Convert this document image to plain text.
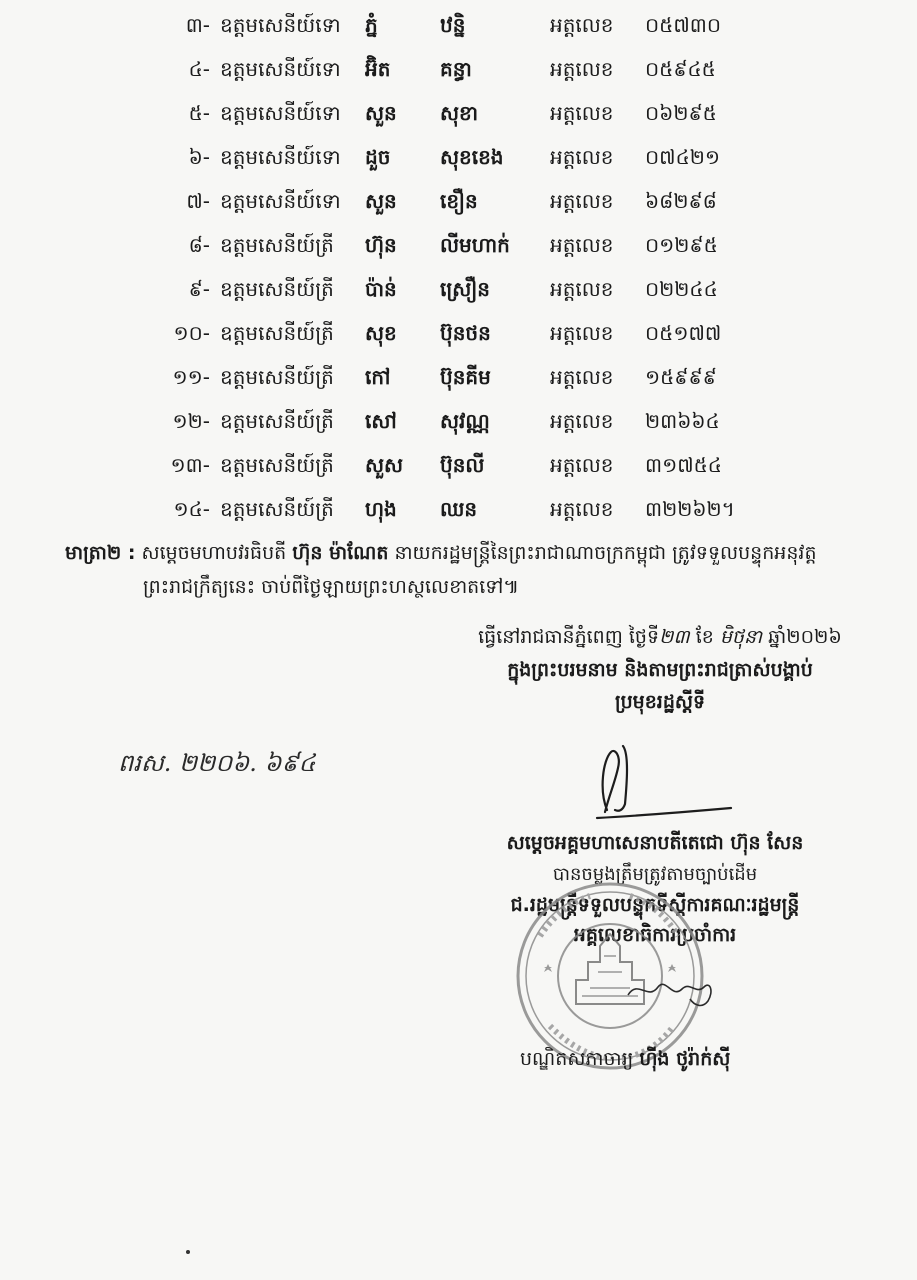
៣- ឧត្តមសេនីយ៍ទោ ភ្នំ	ឋន្និ	អត្តលេខ ០៥៧៣០
៤- ឧត្តមសេនីយ៍ទោ អ៊ិត គន្ធា	អត្តលេខ ០៥៩៤៥
៥- ឧត្តមសេនីយ៍ទោ សួន សុខា	អត្តលេខ ០៦២៩៥
៦- ឧត្តមសេនីយ៍ទោ ដួច សុខខេង អត្តលេខ ០៧៤២១
៧- ឧត្តមសេនីយ៍ទោ សួន ខឿន	អត្តលេខ ៦៨២៩៨
៨- ឧត្តមសេនីយ៍ត្រី ហ៊ុន លីមហាក់ អត្តលេខ ០១២៩៥
៩- ឧត្តមសេនីយ៍ត្រី ប៉ាន់ ស្រឿន	អត្តលេខ ០២២៤៤
១០- ឧត្តមសេនីយ៍ត្រី សុខ ប៊ុនថន	អត្តលេខ ០៥១៧៧
១១- ឧត្តមសេនីយ៍ត្រី កៅ ប៊ុនគីម	អត្តលេខ ១៥៩៩៩
១២- ឧត្តមសេនីយ៍ត្រី សៅ សុវណ្ណ	អត្តលេខ ២៣៦៦៤
១៣- ឧត្តមសេនីយ៍ត្រី សួស ប៊ុនលី	អត្តលេខ ៣១៧៥៤
១៤- ឧត្តមសេនីយ៍ត្រី ហុង ឈន	អត្តលេខ ៣២២៦២។
មាត្រា២ : សម្តេចមហាបវរធិបតី ហ៊ុន ម៉ាណែត នាយករដ្ឋមន្ត្រីនៃព្រះរាជាណាចក្រកម្ពុជា ត្រូវទទួលបន្ទុកអនុវត្ត
ព្រះរាជក្រឹត្យនេះ ចាប់ពីថ្ងៃឡាយព្រះហស្ថលេខាតទៅ៕
ធ្វើនៅរាជធានីភ្នំពេញ ថ្ងៃទី២៣ ខែ មិថុនា ឆ្នាំ២០២៦
ក្នុងព្រះបរមនាម និងតាមព្រះរាជត្រាស់បង្គាប់
ប្រមុខរដ្ឋស្តីទី
ពរស. ២២០៦. ៦៩៤
សម្តេចអគ្គមហាសេនាបតីតេជោ ហ៊ុន សែន
បានចម្លងត្រឹមត្រូវតាមច្បាប់ដើម
ជ.រដ្ឋមន្ត្រីទទួលបន្ទុកទីស្តីការគណៈរដ្ឋមន្ត្រី
អគ្គលេខាធិការប្រចាំការ
បណ្ឌិតសភាចារ្យ ហ៊ីង ថូរ៉ាក់ស៊ី
